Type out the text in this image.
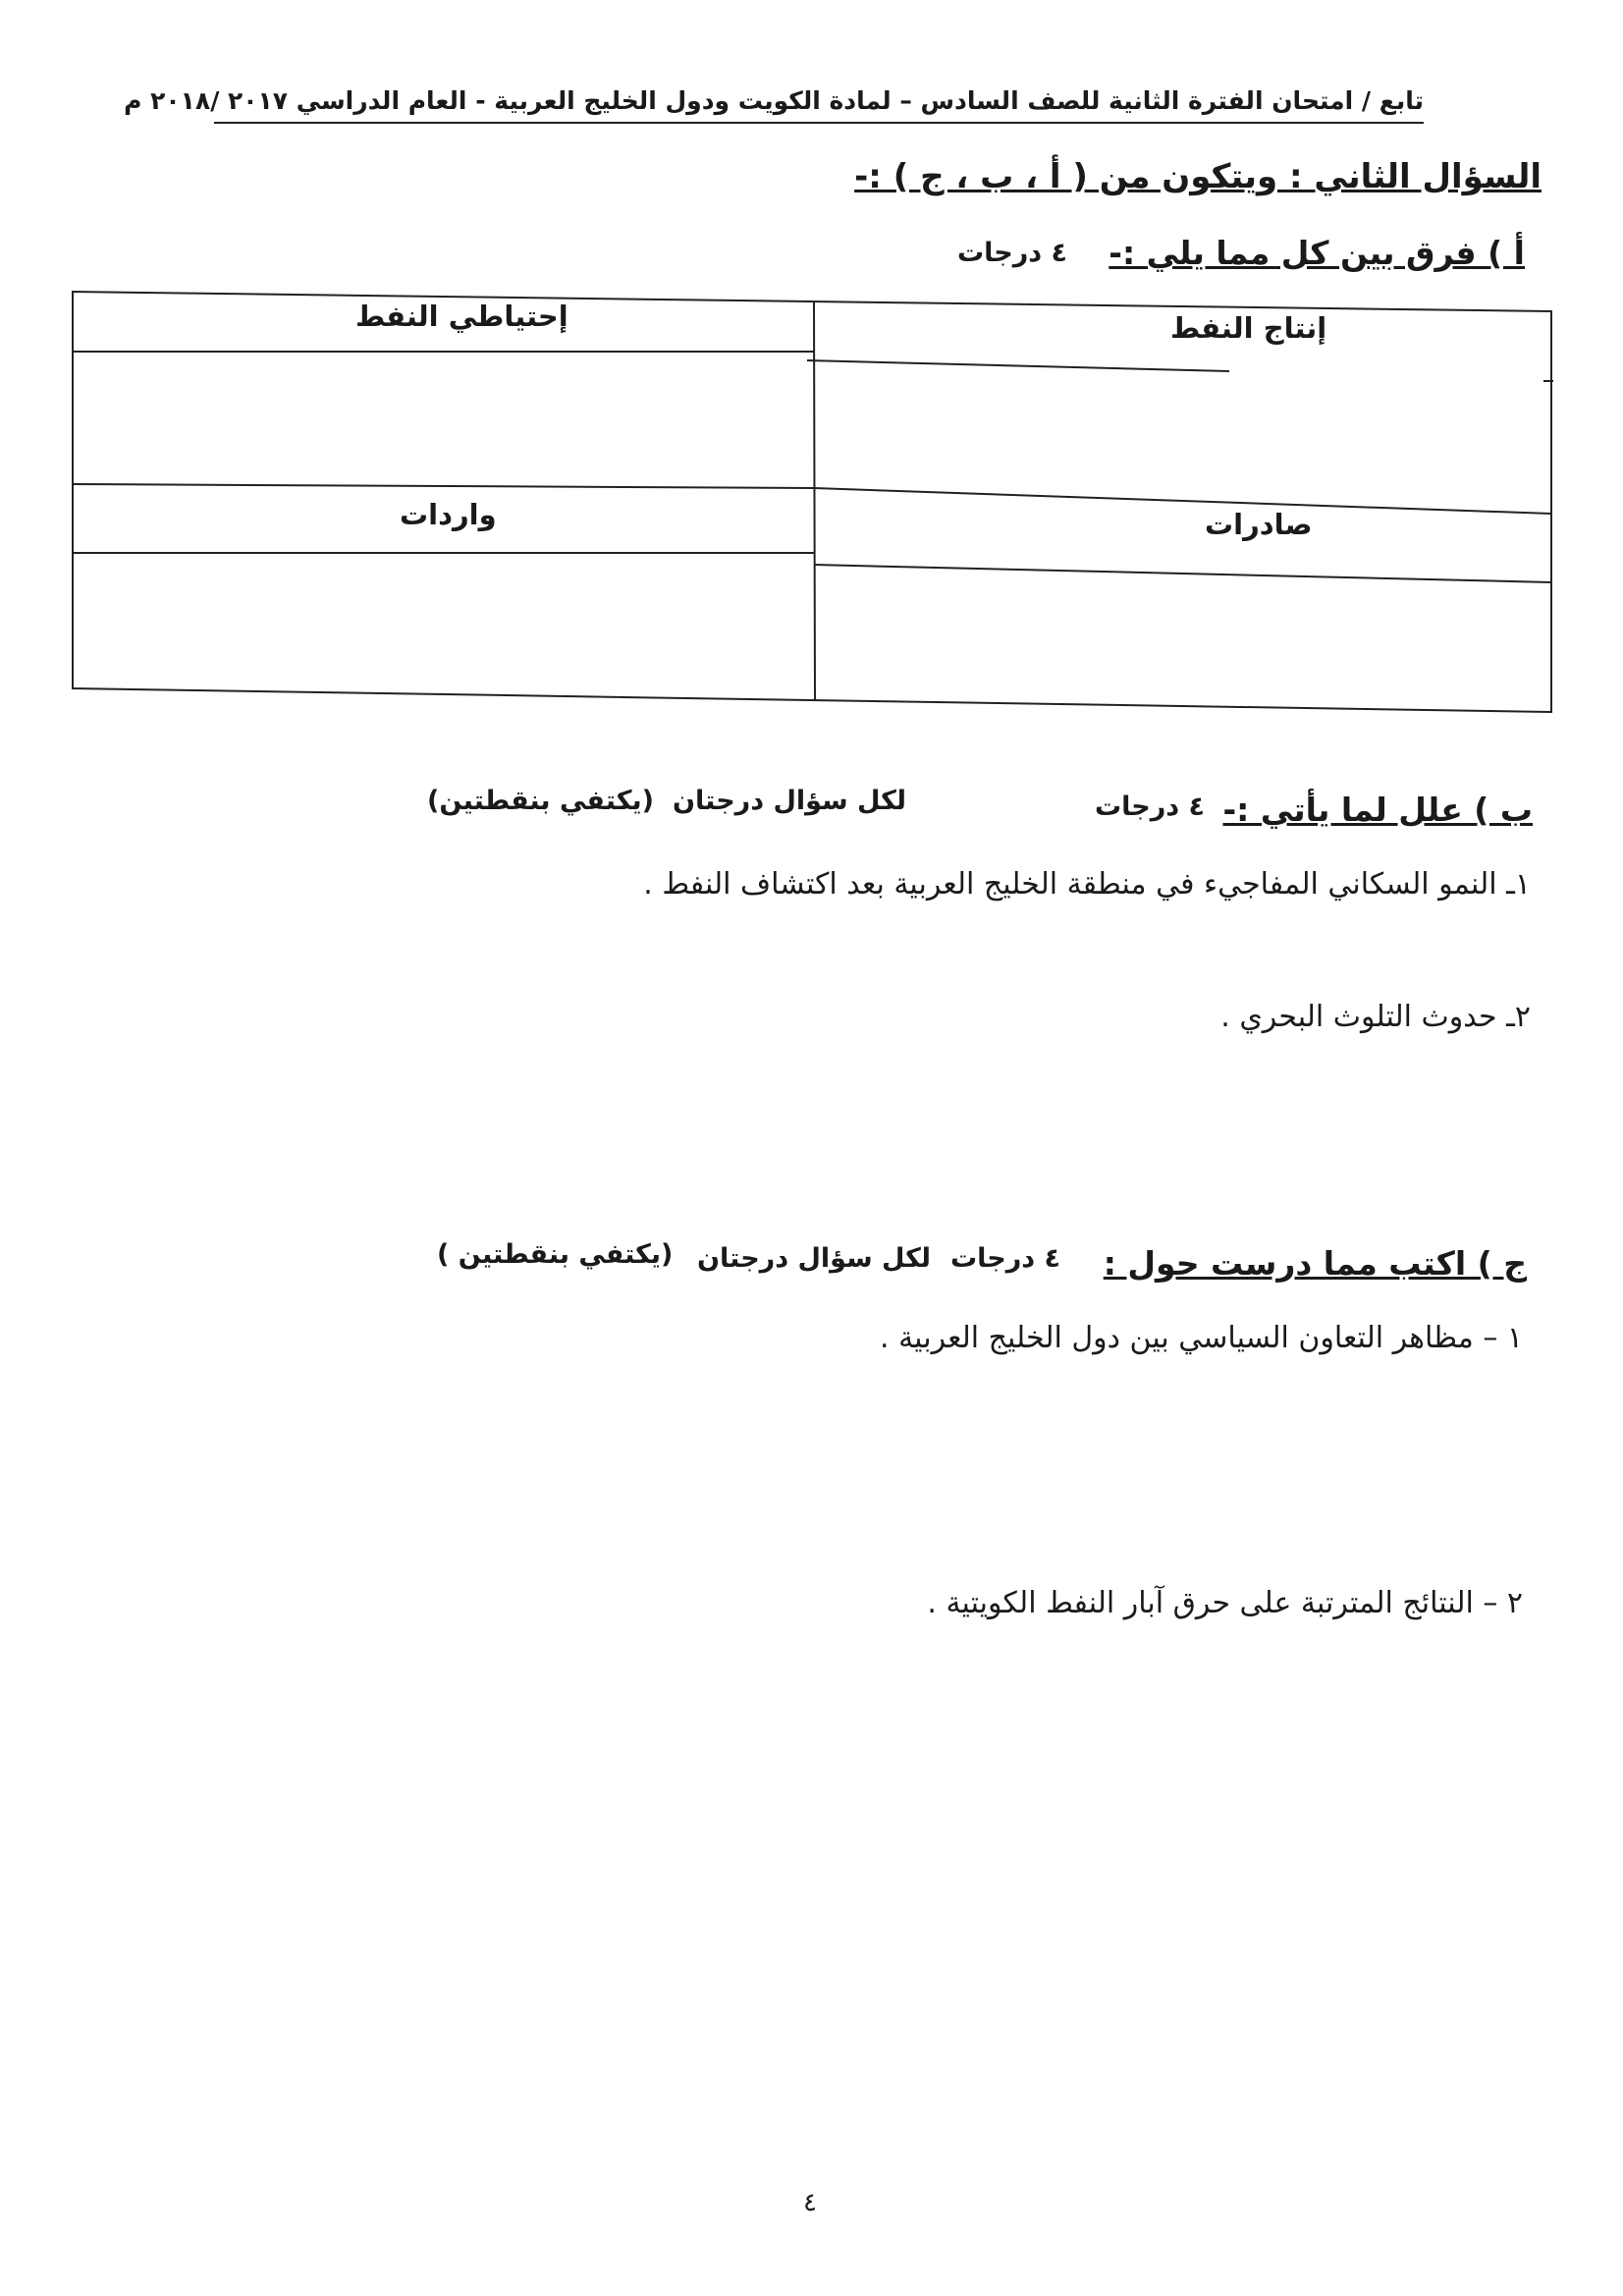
تابع / امتحان الفترة الثانية للصف السادس – لمادة الكويت ودول الخليج العربية - العام الدراسي ٢٠١٧ /٢٠١٨ م
السؤال الثاني : ويتكون من ( أ ، ب ، ج ) :-
أ ) فرق بين كل مما يلي :-
٤ درجات
إحتياطي النفط	إنتاج النفط
واردات	صادرات
ب ) علل لما يأتي :-
٤ درجات
لكل سؤال درجتان
(يكتفي بنقطتين)
١ـ النمو السكاني المفاجيء في منطقة الخليج العربية بعد اكتشاف النفط .
٢ـ حدوث التلوث البحري .
ج ) اكتب مما درست حول :
٤ درجات
لكل سؤال درجتان
(يكتفي بنقطتين )
١ – مظاهر التعاون السياسي بين دول الخليج العربية .
٢ – النتائج المترتبة على حرق آبار النفط الكويتية .
٤
